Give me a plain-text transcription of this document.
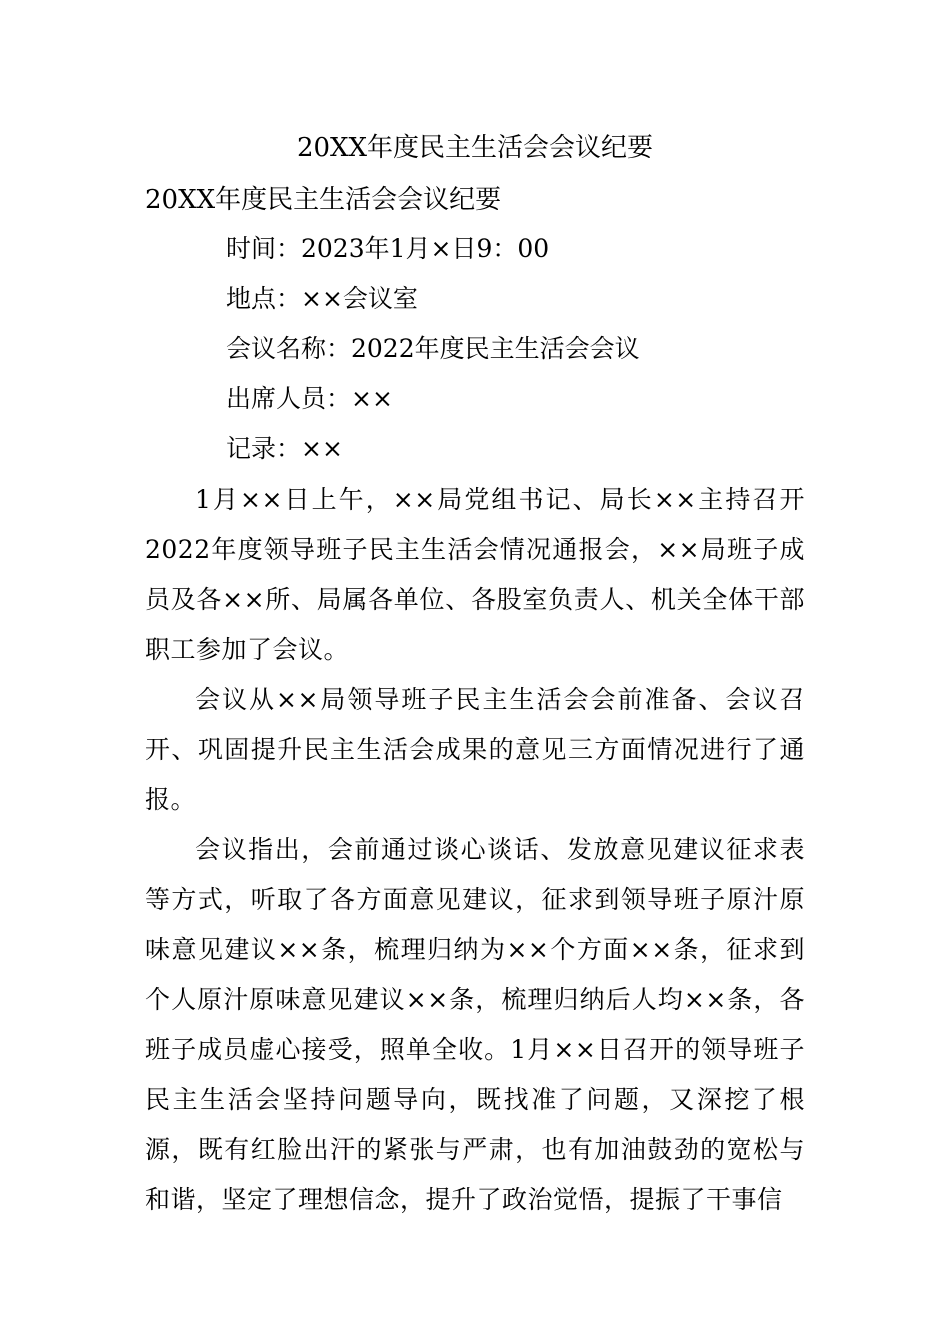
20XX年度民主生活会会议纪要
20XX年度民主生活会会议纪要

时间：2023年1月×日9：00

地点：××会议室

会议名称：2022年度民主生活会会议

出席人员：××

记录：××

1月××日上午，××局党组书记、局长××主持召开2022年度领导班子民主生活会情况通报会，××局班子成员及各××所、局属各单位、各股室负责人、机关全体干部职工参加了会议。

会议从××局领导班子民主生活会会前准备、会议召开、巩固提升民主生活会成果的意见三方面情况进行了通报。

会议指出，会前通过谈心谈话、发放意见建议征求表等方式，听取了各方面意见建议，征求到领导班子原汁原味意见建议××条，梳理归纳为××个方面××条，征求到个人原汁原味意见建议××条，梳理归纳后人均××条，各班子成员虚心接受，照单全收。1月××日召开的领导班子民主生活会坚持问题导向，既找准了问题，又深挖了根源，既有红脸出汗的紧张与严肃，也有加油鼓劲的宽松与和谐，坚定了理想信念，提升了政治觉悟，提振了干事信
